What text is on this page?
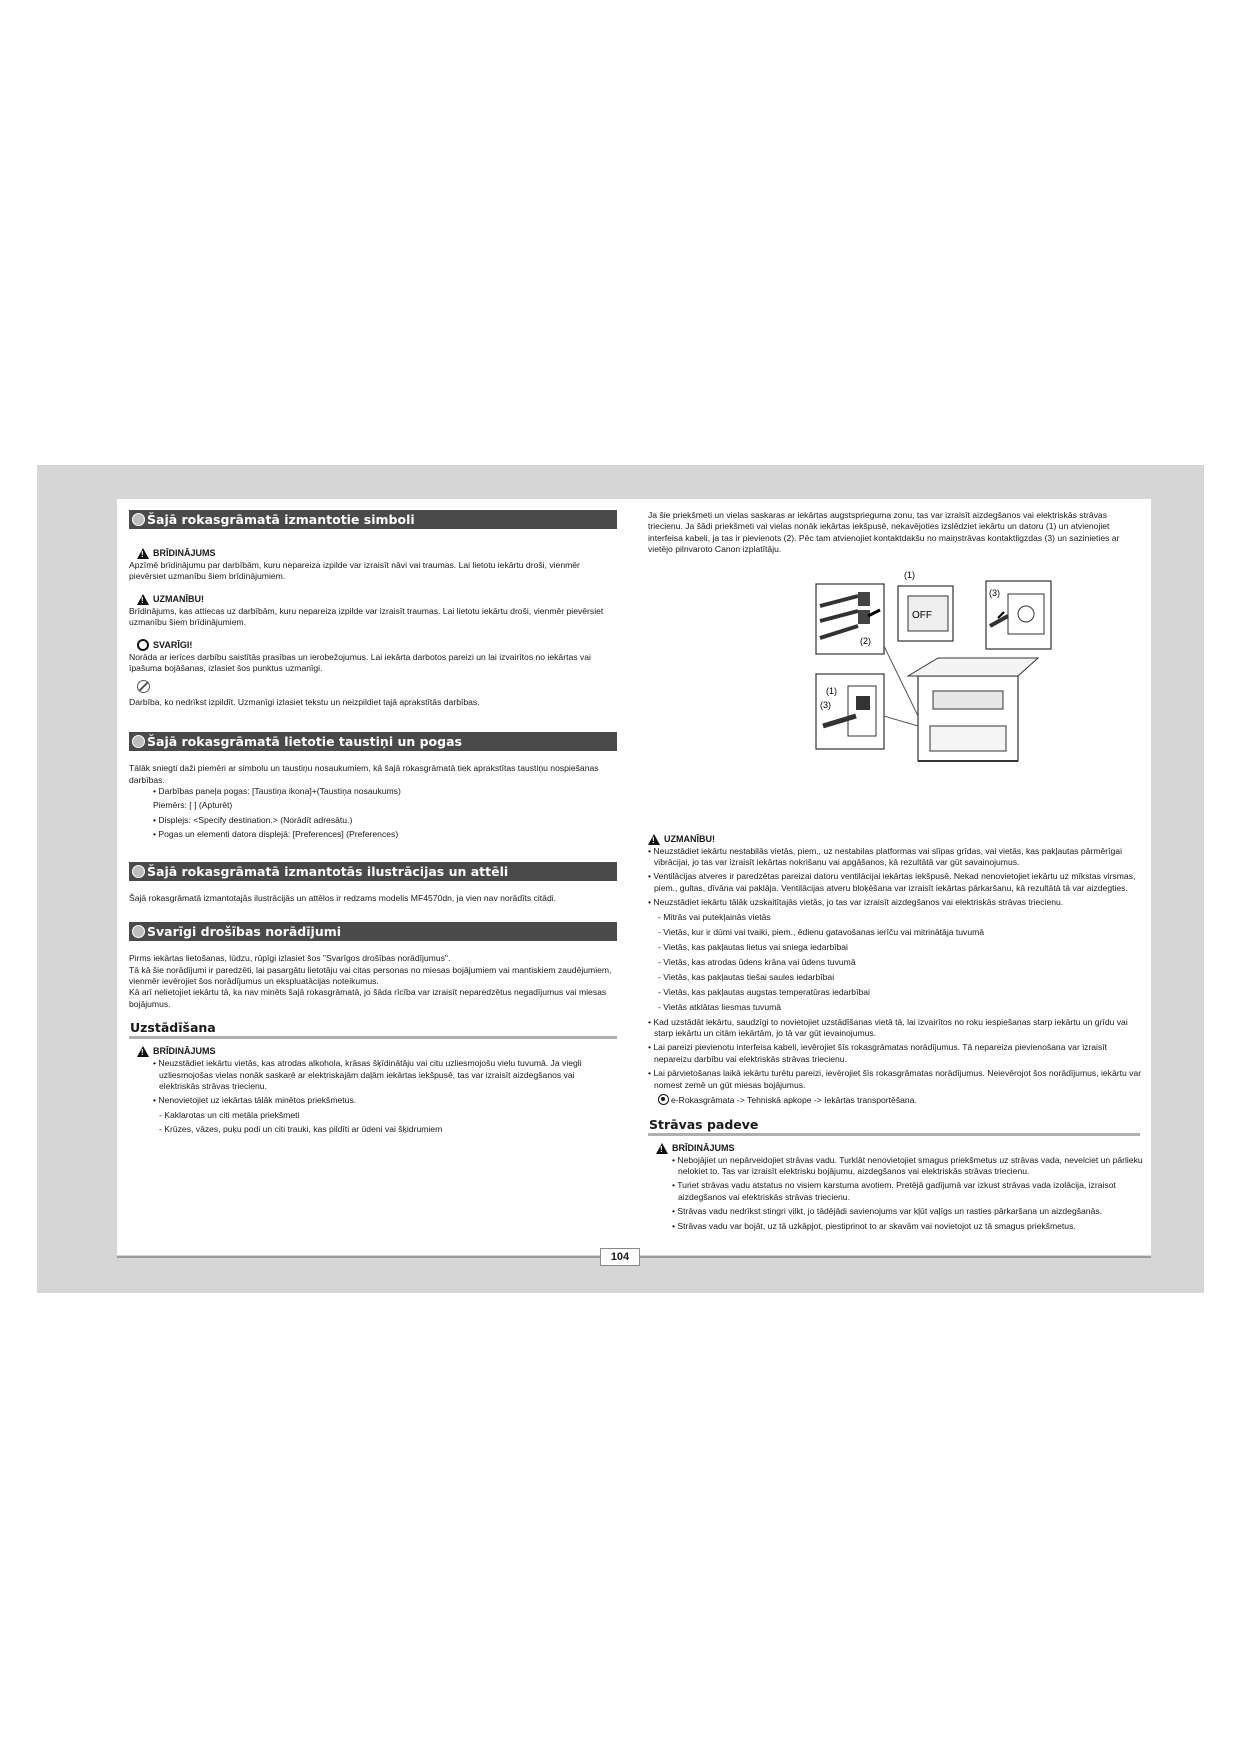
Šajā rokasgrāmatā izmantotie simboli
!
BRĪDINĀJUMS

Apzīmē brīdinājumu par darbībām, kuru nepareiza izpilde var izraisīt nāvi vai traumas. Lai lietotu iekārtu droši, vienmēr pievērsiet uzmanību šiem brīdinājumiem.

!
UZMANĪBU!

Brīdinājums, kas attiecas uz darbībām, kuru nepareiza izpilde var izraisīt traumas. Lai lietotu iekārtu droši, vienmēr pievērsiet uzmanību šiem brīdinājumiem.

SVARĪGI!

Norāda ar ierīces darbību saistītās prasības un ierobežojumus. Lai iekārta darbotos pareizi un lai izvairītos no iekārtas vai īpašuma bojāšanas, izlasiet šos punktus uzmanīgi.

Darbība, ko nedrīkst izpildīt. Uzmanīgi izlasiet tekstu un neizpildiet tajā aprakstītās darbības.

Šajā rokasgrāmatā lietotie taustiņi un pogas

Tālāk sniegti daži piemēri ar simbolu un taustiņu nosaukumiem, kā šajā rokasgrāmatā tiek aprakstītas taustiņu nospiešanas darbības.

• Darbības paneļa pogas: [Taustiņa ikona]+(Taustiņa nosaukums)
Piemērs: [ ] (Apturēt)
• Displejs: <Specify destination.> (Norādīt adresātu.)
• Pogas un elementi datora displejā: [Preferences] (Preferences)
Šajā rokasgrāmatā izmantotās ilustrācijas un attēli

Šajā rokasgrāmatā izmantotajās ilustrācijās un attēlos ir redzams modelis MF4570dn, ja vien nav norādīts citādi.

Svarīgi drošības norādījumi

Pirms iekārtas lietošanas, lūdzu, rūpīgi izlasiet šos "Svarīgos drošības norādījumus".

Tā kā šie norādījumi ir paredzēti, lai pasargātu lietotāju vai citas personas no miesas bojājumiem vai mantiskiem zaudējumiem, vienmēr ievērojiet šos norādījumus un ekspluatācijas noteikumus.

Kā arī nelietojiet iekārtu tā, ka nav minēts šajā rokasgrāmatā, jo šāda rīcība var izraisīt neparedzētus negadījumus vai miesas bojājumus.

Uzstādīšana
!
BRĪDINĀJUMS
• Neuzstādiet iekārtu vietās, kas atrodas alkohola, krāsas šķīdinātāju vai citu uzliesmojošu vielu tuvumā. Ja viegli uzliesmojošas vielas nonāk saskarē ar elektriskajām daļām iekārtas iekšpusē, tas var izraisīt aizdegšanos vai elektriskās strāvas triecienu.
• Nenovietojiet uz iekārtas tālāk minētos priekšmetus.
- Kaklarotas un citi metāla priekšmeti
- Krūzes, vāzes, puķu podi un citi trauki, kas pildīti ar ūdeni vai šķidrumiem

Ja šie priekšmeti un vielas saskaras ar iekārtas augstsprieguma zonu, tas var izraisīt aizdegšanos vai elektriskās strāvas triecienu. Ja šādi priekšmeti vai vielas nonāk iekārtas iekšpusē, nekavējoties izslēdziet iekārtu un datoru (1) un atvienojiet interfeisa kabeli, ja tas ir pievienots (2). Pēc tam atvienojiet kontaktdakšu no maiņstrāvas kontaktligzdas (3) un sazinieties ar vietējo pilnvaroto Canon izplatītāju.

OFF
(1)
(2)
(3)
(1)
(3)
!
UZMANĪBU!
• Neuzstādiet iekārtu nestabilās vietās, piem., uz nestabilas platformas vai slīpas grīdas, vai vietās, kas pakļautas pārmērīgai vibrācijai, jo tas var izraisīt iekārtas nokrišanu vai apgāšanos, kā rezultātā var gūt savainojumus.
• Ventilācijas atveres ir paredzētas pareizai datoru ventilācijai iekārtas iekšpusē. Nekad nenovietojiet iekārtu uz mīkstas virsmas, piem., gultas, dīvāna vai paklāja. Ventilācijas atveru bloķēšana var izraisīt iekārtas pārkaršanu, kā rezultātā tā var aizdegties.
• Neuzstādiet iekārtu tālāk uzskaitītajās vietās, jo tas var izraisīt aizdegšanos vai elektriskās strāvas triecienu.
- Mitrās vai putekļainās vietās
- Vietās, kur ir dūmi vai tvaiki, piem., ēdienu gatavošanas ierīču vai mitrinātāja tuvumā
- Vietās, kas pakļautas lietus vai sniega iedarbībai
- Vietās, kas atrodas ūdens krāna vai ūdens tuvumā
- Vietās, kas pakļautas tiešai saules iedarbībai
- Vietās, kas pakļautas augstas temperatūras iedarbībai
- Vietās atklātas liesmas tuvumā
• Kad uzstādāt iekārtu, saudzīgi to novietojiet uzstādīšanas vietā tā, lai izvairītos no roku iespiešanas starp iekārtu un grīdu vai starp iekārtu un citām iekārtām, jo tā var gūt ievainojumus.
• Lai pareizi pievienotu interfeisa kabeli, ievērojiet šīs rokasgrāmatas norādījumus. Tā nepareiza pievienošana var izraisīt nepareizu darbību vai elektriskās strāvas triecienu.
• Lai pārvietošanas laikā iekārtu turētu pareizi, ievērojiet šīs rokasgrāmatas norādījumus. Neievērojot šos norādījumus, iekārtu var nomest zemē un gūt miesas bojājumus.

e-Rokasgrāmata -> Tehniskā apkope -> Iekārtas transportēšana.

Strāvas padeve
!
BRĪDINĀJUMS
• Nebojājiet un nepārveidojiet strāvas vadu. Turklāt nenovietojiet smagus priekšmetus uz strāvas vada, nevelciet un pārlieku nelokiet to. Tas var izraisīt elektrisku bojājumu, aizdegšanos vai elektriskās strāvas triecienu.
• Turiet strāvas vadu atstatus no visiem karstuma avotiem. Pretējā gadījumā var izkust strāvas vada izolācija, izraisot aizdegšanos vai elektriskās strāvas triecienu.
• Strāvas vadu nedrīkst stingri vilkt, jo tādējādi savienojums var kļūt vaļīgs un rasties pārkaršana un aizdegšanās.
• Strāvas vadu var bojāt, uz tā uzkāpjot, piestiprinot to ar skavām vai novietojot uz tā smagus priekšmetus.
104
